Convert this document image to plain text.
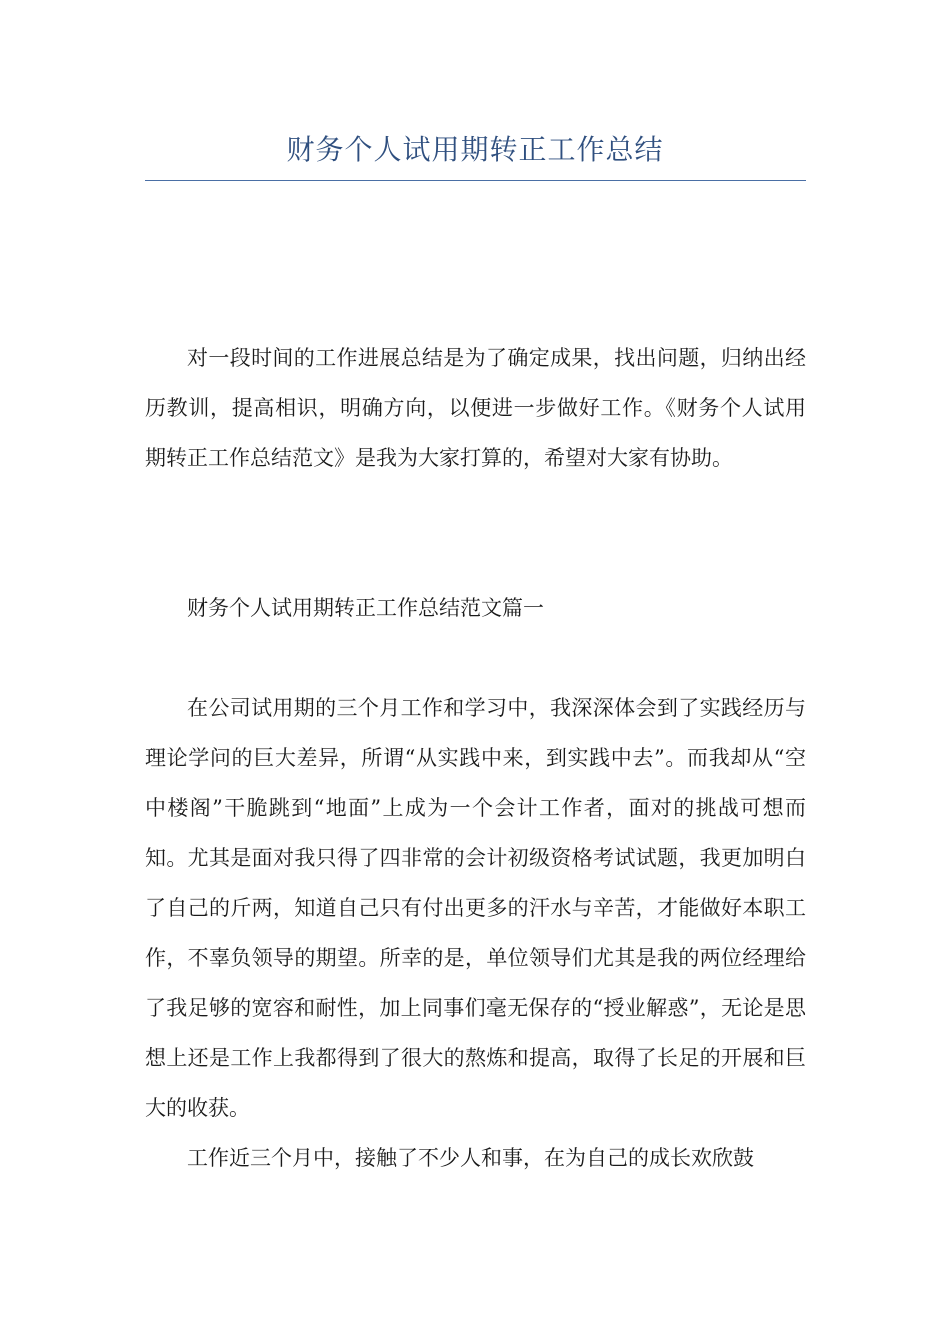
财务个人试用期转正工作总结

对一段时间的工作进展总结是为了确定成果，找出问题，归纳出经历教训，提高相识，明确方向，以便进一步做好工作。《财务个人试用期转正工作总结范文》是我为大家打算的，希望对大家有协助。

财务个人试用期转正工作总结范文篇一

在公司试用期的三个月工作和学习中，我深深体会到了实践经历与理论学问的巨大差异，所谓“从实践中来，到实践中去”。而我却从“空中楼阁”干脆跳到“地面”上成为一个会计工作者，面对的挑战可想而知。尤其是面对我只得了四非常的会计初级资格考试试题，我更加明白了自己的斤两，知道自己只有付出更多的汗水与辛苦，才能做好本职工作，不辜负领导的期望。所幸的是，单位领导们尤其是我的两位经理给了我足够的宽容和耐性，加上同事们毫无保存的“授业解惑”，无论是思想上还是工作上我都得到了很大的熬炼和提高，取得了长足的开展和巨大的收获。

工作近三个月中，接触了不少人和事，在为自己的成长欢欣鼓
